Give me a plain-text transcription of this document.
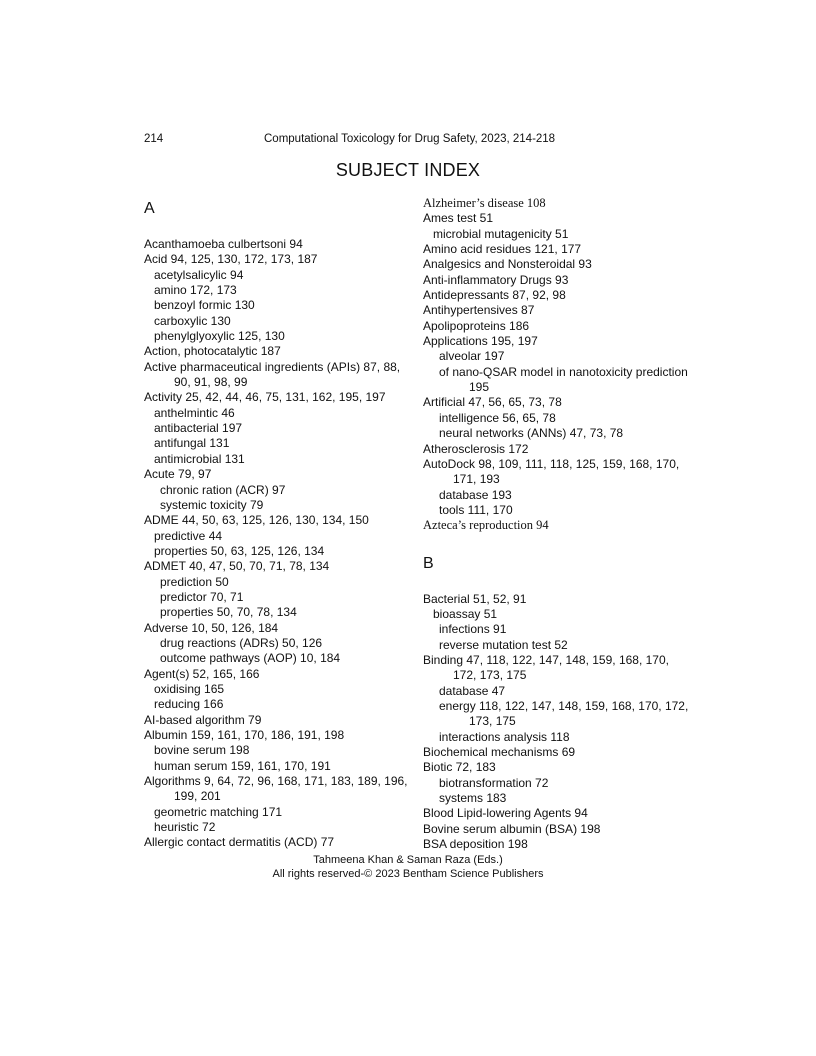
214	Computational Toxicology for Drug Safety, 2023, 214-218
SUBJECT INDEX
A
Acanthamoeba culbertsoni 94
Acid 94, 125, 130, 172, 173, 187
acetylsalicylic 94
amino 172, 173
benzoyl formic 130
carboxylic 130
phenylglyoxylic 125, 130
Action, photocatalytic 187
Active pharmaceutical ingredients (APIs) 87, 88, 90, 91, 98, 99
Activity 25, 42, 44, 46, 75, 131, 162, 195, 197
anthelmintic 46
antibacterial 197
antifungal 131
antimicrobial 131
Acute 79, 97
chronic ration (ACR) 97
systemic toxicity 79
ADME 44, 50, 63, 125, 126, 130, 134, 150
predictive 44
properties 50, 63, 125, 126, 134
ADMET 40, 47, 50, 70, 71, 78, 134
prediction 50
predictor 70, 71
properties 50, 70, 78, 134
Adverse 10, 50, 126, 184
drug reactions (ADRs) 50, 126
outcome pathways (AOP) 10, 184
Agent(s) 52, 165, 166
oxidising 165
reducing 166
AI-based algorithm 79
Albumin 159, 161, 170, 186, 191, 198
bovine serum 198
human serum 159, 161, 170, 191
Algorithms 9, 64, 72, 96, 168, 171, 183, 189, 196, 199, 201
geometric matching 171
heuristic 72
Allergic contact dermatitis (ACD) 77
Alzheimer’s disease 108
Ames test 51
microbial mutagenicity 51
Amino acid residues 121, 177
Analgesics and Nonsteroidal 93
Anti-inflammatory Drugs 93
Antidepressants 87, 92, 98
Antihypertensives 87
Apolipoproteins 186
Applications 195, 197
alveolar 197
of nano-QSAR model in nanotoxicity prediction 195
Artificial 47, 56, 65, 73, 78
intelligence 56, 65, 78
neural networks (ANNs) 47, 73, 78
Atherosclerosis 172
AutoDock 98, 109, 111, 118, 125, 159, 168, 170, 171, 193
database 193
tools 111, 170
Azteca’s reproduction 94
B
Bacterial 51, 52, 91
bioassay 51
infections 91
reverse mutation test 52
Binding 47, 118, 122, 147, 148, 159, 168, 170, 172, 173, 175
database 47
energy 118, 122, 147, 148, 159, 168, 170, 172, 173, 175
interactions analysis 118
Biochemical mechanisms 69
Biotic 72, 183
biotransformation 72
systems 183
Blood Lipid-lowering Agents 94
Bovine serum albumin (BSA) 198
BSA deposition 198
Tahmeena Khan & Saman Raza (Eds.)
All rights reserved-© 2023 Bentham Science Publishers
